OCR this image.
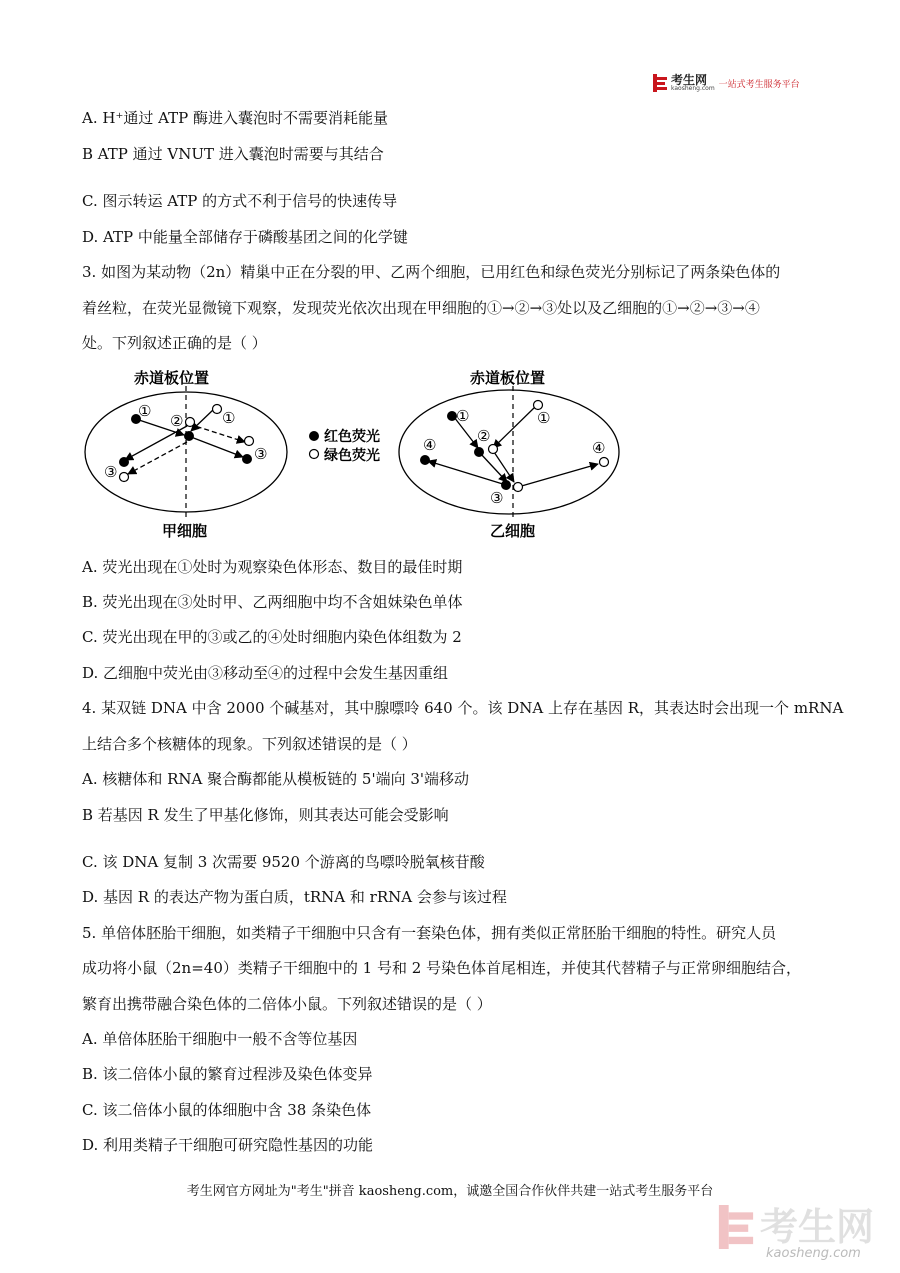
考生网
kaosheng.com 一站式考生服务平台
A. H⁺通过 ATP 酶进入囊泡时不需要消耗能量
B ATP 通过 VNUT 进入囊泡时需要与其结合
C. 图示转运 ATP 的方式不利于信号的快速传导
D. ATP 中能量全部储存于磷酸基团之间的化学键
3. 如图为某动物（2n）精巢中正在分裂的甲、乙两个细胞，已用红色和绿色荧光分别标记了两条染色体的
着丝粒，在荧光显微镜下观察，发现荧光依次出现在甲细胞的①→②→③处以及乙细胞的①→②→③→④
处。下列叙述正确的是（ ）
赤道板位置
①
②	①
③
③
甲细胞
红色荧光
绿色荧光
赤道板位置
①	①
②
④	④
③
乙细胞
A. 荧光出现在①处时为观察染色体形态、数目的最佳时期
B. 荧光出现在③处时甲、乙两细胞中均不含姐妹染色单体
C. 荧光出现在甲的③或乙的④处时细胞内染色体组数为 2
D. 乙细胞中荧光由③移动至④的过程中会发生基因重组
4. 某双链 DNA 中含 2000 个碱基对，其中腺嘌呤 640 个。该 DNA 上存在基因 R，其表达时会出现一个 mRNA
上结合多个核糖体的现象。下列叙述错误的是（ ）
A. 核糖体和 RNA 聚合酶都能从模板链的 5'端向 3'端移动
B 若基因 R 发生了甲基化修饰，则其表达可能会受影响
C. 该 DNA 复制 3 次需要 9520 个游离的鸟嘌呤脱氧核苷酸
D. 基因 R 的表达产物为蛋白质，tRNA 和 rRNA 会参与该过程
5. 单倍体胚胎干细胞，如类精子干细胞中只含有一套染色体，拥有类似正常胚胎干细胞的特性。研究人员
成功将小鼠（2n=40）类精子干细胞中的 1 号和 2 号染色体首尾相连，并使其代替精子与正常卵细胞结合，
繁育出携带融合染色体的二倍体小鼠。下列叙述错误的是（ ）
A. 单倍体胚胎干细胞中一般不含等位基因
B. 该二倍体小鼠的繁育过程涉及染色体变异
C. 该二倍体小鼠的体细胞中含 38 条染色体
D. 利用类精子干细胞可研究隐性基因的功能
考生网官方网址为"考生"拼音 kaosheng.com，诚邀全国合作伙伴共建一站式考生服务平台
考生网
kaosheng.com
